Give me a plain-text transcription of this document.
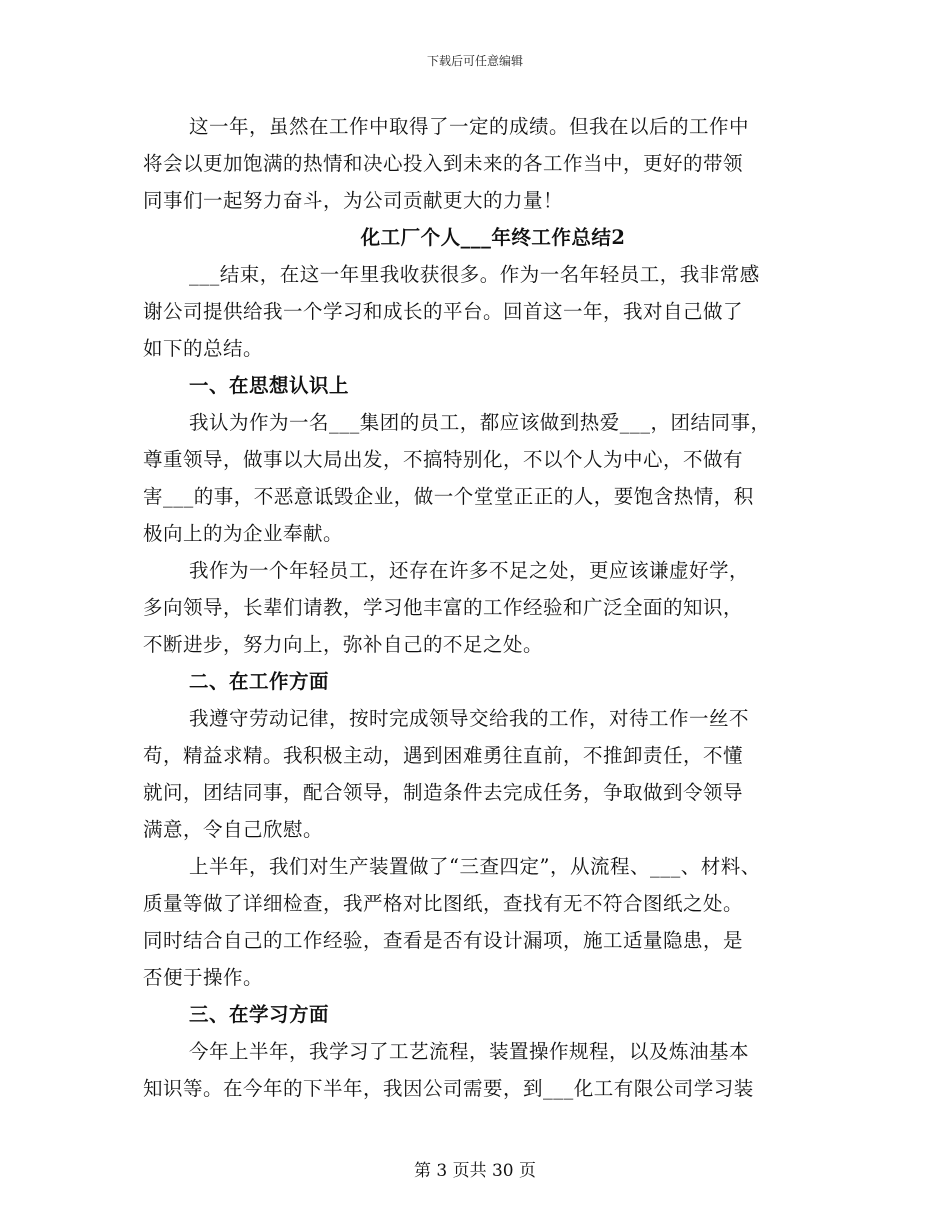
下载后可任意编辑
这一年，虽然在工作中取得了一定的成绩。但我在以后的工作中
将会以更加饱满的热情和决心投入到未来的各工作当中，更好的带领
同事们一起努力奋斗，为公司贡献更大的力量！
化工厂个人___年终工作总结2
___结束，在这一年里我收获很多。作为一名年轻员工，我非常感
谢公司提供给我一个学习和成长的平台。回首这一年，我对自己做了
如下的总结。
一、在思想认识上
我认为作为一名___集团的员工，都应该做到热爱___，团结同事，
尊重领导，做事以大局出发，不搞特别化，不以个人为中心，不做有
害___的事，不恶意诋毁企业，做一个堂堂正正的人，要饱含热情，积
极向上的为企业奉献。
我作为一个年轻员工，还存在许多不足之处，更应该谦虚好学，
多向领导，长辈们请教，学习他丰富的工作经验和广泛全面的知识，
不断进步，努力向上，弥补自己的不足之处。
二、在工作方面
我遵守劳动记律，按时完成领导交给我的工作，对待工作一丝不
苟，精益求精。我积极主动，遇到困难勇往直前，不推卸责任，不懂
就问，团结同事，配合领导，制造条件去完成任务，争取做到令领导
满意，令自己欣慰。
上半年，我们对生产装置做了“三查四定”，从流程、___、材料、
质量等做了详细检查，我严格对比图纸，查找有无不符合图纸之处。
同时结合自己的工作经验，查看是否有设计漏项，施工适量隐患，是
否便于操作。
三、在学习方面
今年上半年，我学习了工艺流程，装置操作规程，以及炼油基本
知识等。在今年的下半年，我因公司需要，到___化工有限公司学习装
第 3 页共 30 页
